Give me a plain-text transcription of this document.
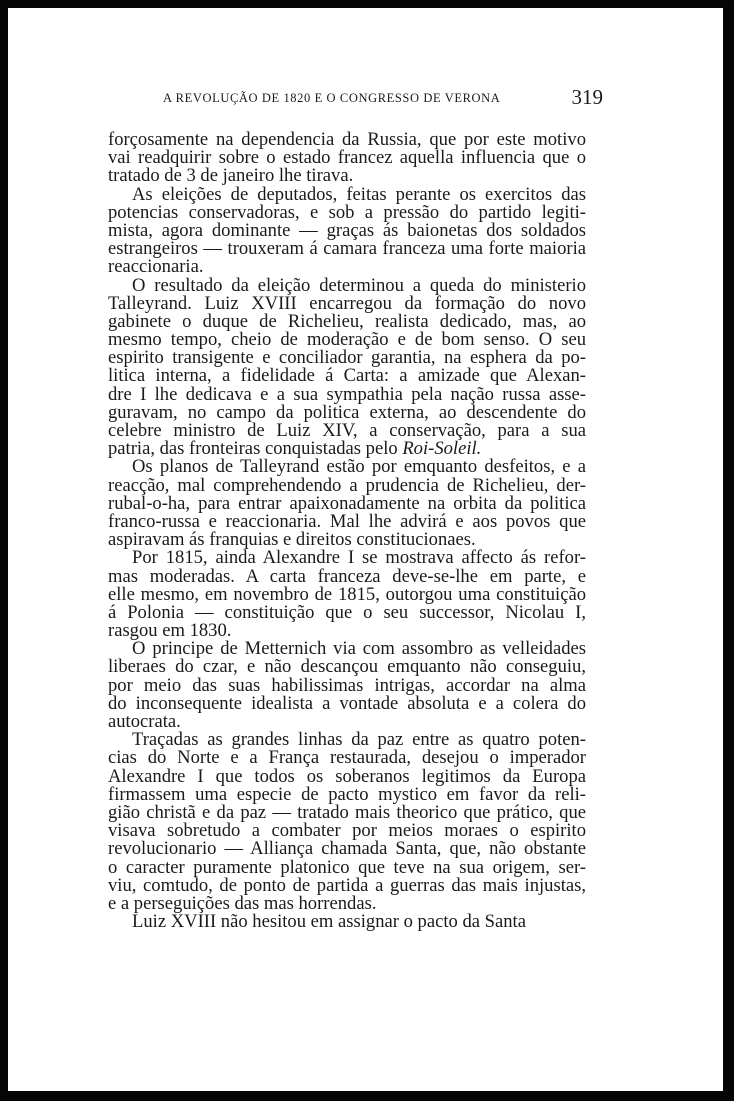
A REVOLUÇÃO DE 1820 E O CONGRESSO DE VERONA	319
forçosamente na dependencia da Russia, que por este motivo
vai readquirir sobre o estado francez aquella influencia que o
tratado de 3 de janeiro lhe tirava.
As eleições de deputados, feitas perante os exercitos das
potencias conservadoras, e sob a pressão do partido legiti-
mista, agora dominante — graças ás baionetas dos soldados
estrangeiros — trouxeram á camara franceza uma forte maioria
reaccionaria.
O resultado da eleição determinou a queda do ministerio
Talleyrand. Luiz XVIII encarregou da formação do novo
gabinete o duque de Richelieu, realista dedicado, mas, ao
mesmo tempo, cheio de moderação e de bom senso. O seu
espirito transigente e conciliador garantia, na esphera da po-
litica interna, a fidelidade á Carta: a amizade que Alexan-
dre I lhe dedicava e a sua sympathia pela nação russa asse-
guravam, no campo da politica externa, ao descendente do
celebre ministro de Luiz XIV, a conservação, para a sua
patria, das fronteiras conquistadas pelo Roi-Soleil.
Os planos de Talleyrand estão por emquanto desfeitos, e a
reacção, mal comprehendendo a prudencia de Richelieu, der-
rubal-o-ha, para entrar apaixonadamente na orbita da politica
franco-russa e reaccionaria. Mal lhe advirá e aos povos que
aspiravam ás franquias e direitos constitucionaes.
Por 1815, ainda Alexandre I se mostrava affecto ás refor-
mas moderadas. A carta franceza deve-se-lhe em parte, e
elle mesmo, em novembro de 1815, outorgou uma constituição
á Polonia — constituição que o seu successor, Nicolau I,
rasgou em 1830.
O principe de Metternich via com assombro as velleidades
liberaes do czar, e não descançou emquanto não conseguiu,
por meio das suas habilissimas intrigas, accordar na alma
do inconsequente idealista a vontade absoluta e a colera do
autocrata.
Traçadas as grandes linhas da paz entre as quatro poten-
cias do Norte e a França restaurada, desejou o imperador
Alexandre I que todos os soberanos legitimos da Europa
firmassem uma especie de pacto mystico em favor da reli-
gião christã e da paz — tratado mais theorico que prático, que
visava sobretudo a combater por meios moraes o espirito
revolucionario — Alliança chamada Santa, que, não obstante
o caracter puramente platonico que teve na sua origem, ser-
viu, comtudo, de ponto de partida a guerras das mais injustas,
e a perseguições das mas horrendas.
Luiz XVIII não hesitou em assignar o pacto da Santa
